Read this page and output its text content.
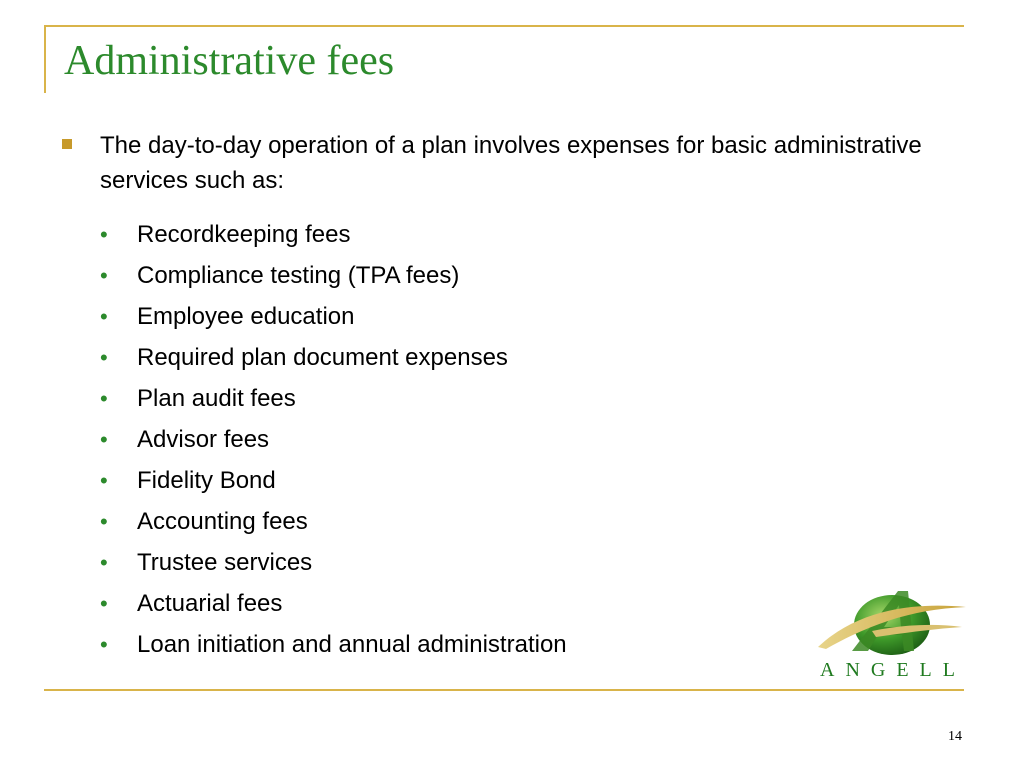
Administrative fees
The day-to-day operation of a plan involves expenses for basic administrative services such as:
• Recordkeeping fees
• Compliance testing (TPA fees)
• Employee education
• Required plan document expenses
• Plan audit fees
• Advisor fees
• Fidelity Bond
• Accounting fees
• Trustee services
• Actuarial fees
• Loan initiation and annual administration
ANGELL
14
